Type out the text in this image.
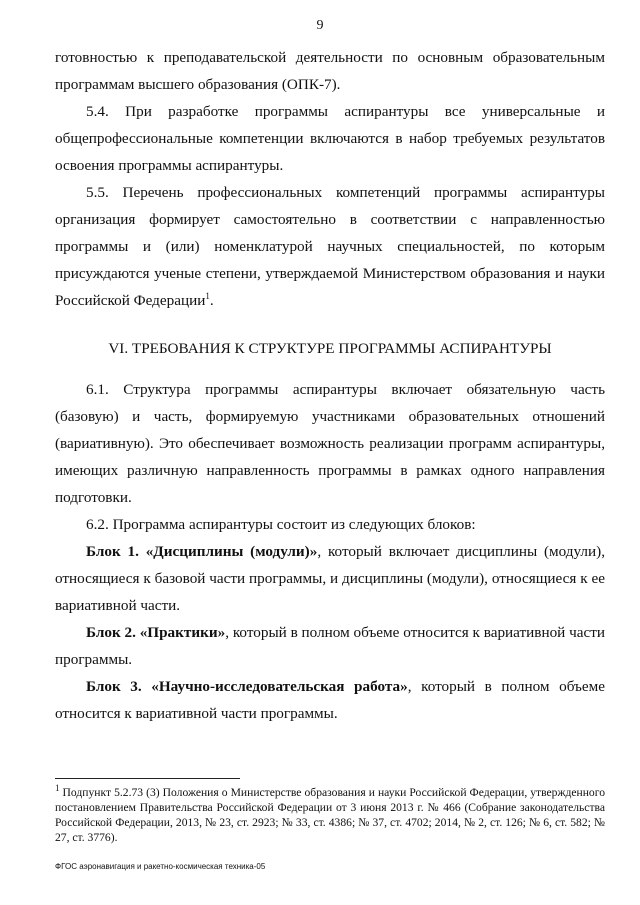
9

готовностью к преподавательской деятельности по основным образовательным программам высшего образования (ОПК-7).

5.4. При разработке программы аспирантуры все универсальные и общепрофессиональные компетенции включаются в набор требуемых результатов освоения программы аспирантуры.

5.5. Перечень профессиональных компетенций программы аспирантуры организация формирует самостоятельно в соответствии с направленностью программы и (или) номенклатурой научных специальностей, по которым присуждаются ученые степени, утверждаемой Министерством образования и науки Российской Федерации$^1$.

VI. ТРЕБОВАНИЯ К СТРУКТУРЕ ПРОГРАММЫ АСПИРАНТУРЫ

6.1. Структура программы аспирантуры включает обязательную часть (базовую) и часть, формируемую участниками образовательных отношений (вариативную). Это обеспечивает возможность реализации программ аспирантуры, имеющих различную направленность программы в рамках одного направления подготовки.

6.2. Программа аспирантуры состоит из следующих блоков:

Блок 1. «Дисциплины (модули)», который включает дисциплины (модули), относящиеся к базовой части программы, и дисциплины (модули), относящиеся к ее вариативной части.

Блок 2. «Практики», который в полном объеме относится к вариативной части программы.

Блок 3. «Научно-исследовательская работа», который в полном объеме относится к вариативной части программы.

$^1$ Подпункт 5.2.73 (3) Положения о Министерстве образования и науки Российской Федерации, утвержденного постановлением Правительства Российской Федерации от 3 июня 2013 г. № 466 (Собрание законодательства Российской Федерации, 2013, № 23, ст. 2923; № 33, ст. 4386; № 37, ст. 4702; 2014, № 2, ст. 126; № 6, ст. 582; № 27, ст. 3776).

ФГОС аэронавигация и ракетно-космическая техника-05
